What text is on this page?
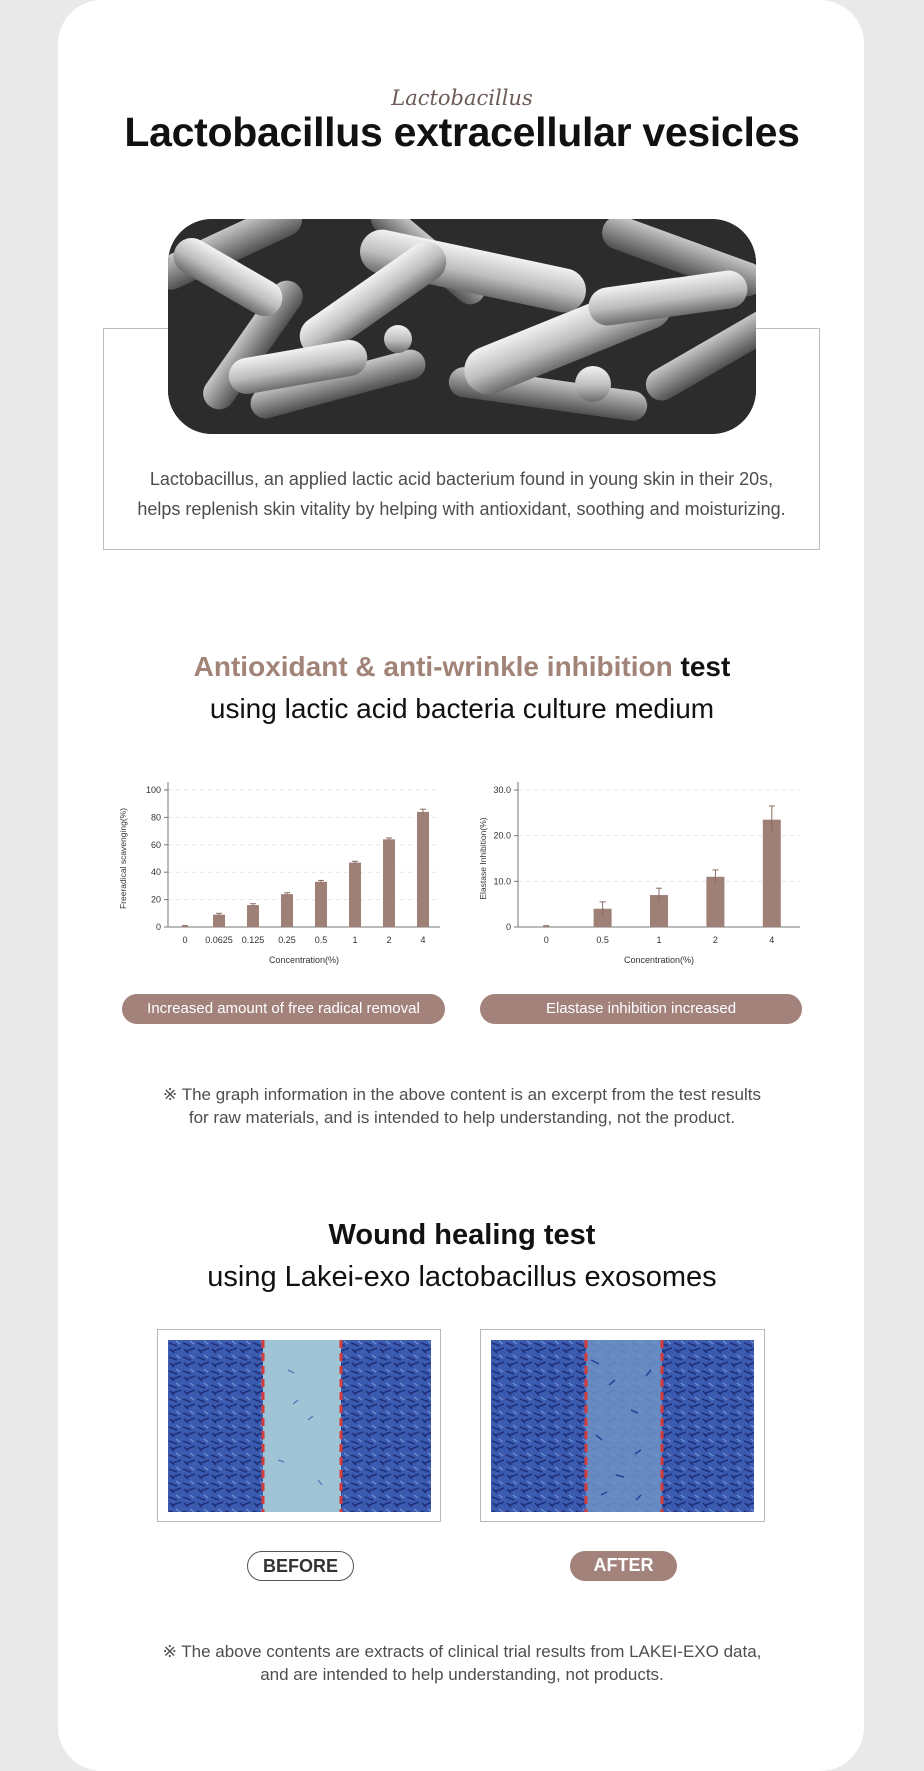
Lactobacillus
Lactobacillus extracellular vesicles
Lactobacillus, an applied lactic acid bacterium found in young skin in their 20s,
helps replenish skin vitality by helping with antioxidant, soothing and moisturizing.
Antioxidant & anti-wrinkle inhibition test
using lactic acid bacteria culture medium
0
20
40
60
80
100
0 0.0625 0.125 0.25 0.5	1	2	4
Concentration(%)
Freeradical scavenging(%)
0
10.0
20.0
30.0
0	0.5	1	2	4
Concentration(%)
Elastase Inhibition(%)
Increased amount of free radical removal	Elastase inhibition increased
※ The graph information in the above content is an excerpt from the test results
for raw materials, and is intended to help understanding, not the product.
Wound healing test
using Lakei-exo lactobacillus exosomes
BEFORE	AFTER
※ The above contents are extracts of clinical trial results from LAKEI-EXO data,
and are intended to help understanding, not products.
